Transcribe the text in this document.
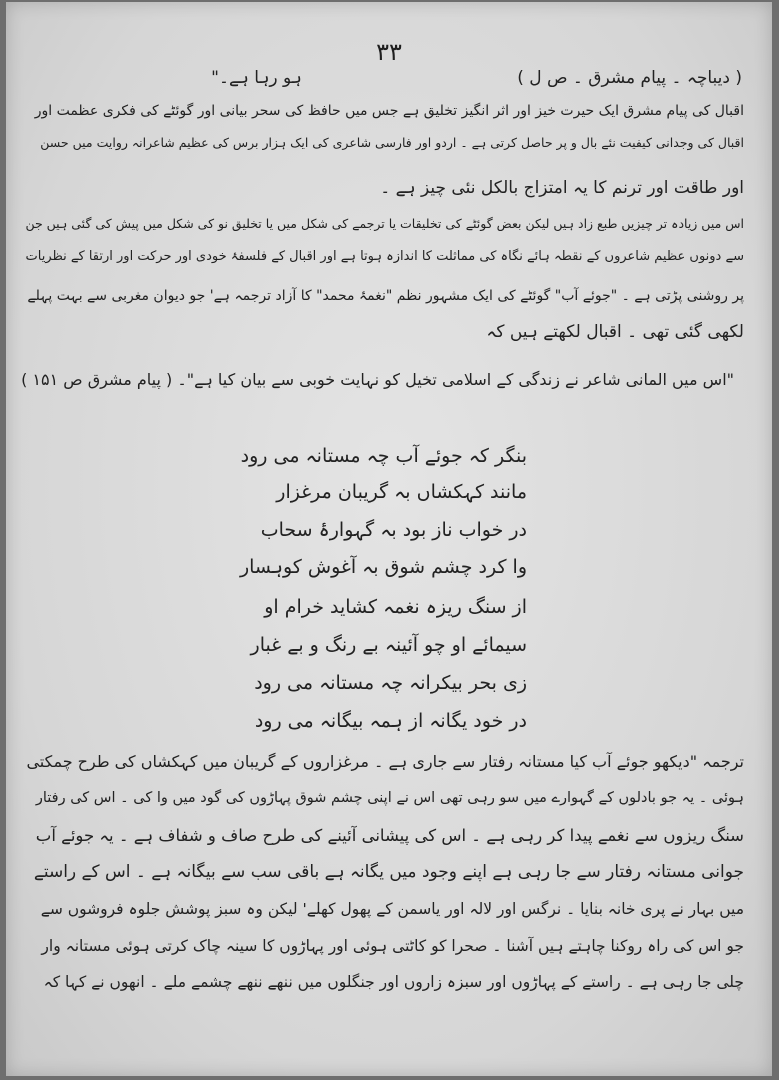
۳۳
( دیباچہ ۔ پیام مشرق ۔ ص ل ) ہو رہا ہے۔"
اقبال کی پیام مشرق ایک حیرت خیز اور اثر انگیز تخلیق ہے جس میں حافظ کی سحر بیانی اور گوئٹے کی فکری عظمت اور
اقبال کی وجدانی کیفیت نئے بال و پر حاصل کرتی ہے ۔ اردو اور فارسی شاعری کی ایک ہزار برس کی عظیم شاعرانہ روایت میں حسن
اور طاقت اور ترنم کا یہ امتزاج بالکل نئی چیز ہے ۔
اس میں زیادہ تر چیزیں طبع زاد ہیں لیکن بعض گوئٹے کی تخلیقات یا ترجمے کی شکل میں یا تخلیق نو کی شکل میں پیش کی گئی ہیں جن
سے دونوں عظیم شاعروں کے نقطہ ہائے نگاہ کی مماثلت کا اندازہ ہوتا ہے اور اقبال کے فلسفۂ خودی اور حرکت اور ارتقا کے نظریات
پر روشنی پڑتی ہے ۔ "جوئے آب" گوئٹے کی ایک مشہور نظم "نغمۂ محمد" کا آزاد ترجمہ ہے' جو دیوان مغربی سے بہت پہلے
لکھی گئی تھی ۔ اقبال لکھتے ہیں کہ
"اس میں المانی شاعر نے زندگی کے اسلامی تخیل کو نہایت خوبی سے بیان کیا ہے"۔ ( پیام مشرق ص ۱۵۱ )
بنگر کہ جوئے آب چہ مستانہ می رود
مانند کہکشاں بہ گریبان مرغزار
در خواب ناز بود بہ گہوارۂ سحاب
وا کرد چشم شوق بہ آغوش کوہسار
از سنگ ریزہ نغمہ کشاید خرام او
سیمائے او چو آئینہ بے رنگ و بے غبار
زی بحر بیکرانہ چہ مستانہ می رود
در خود یگانہ از ہمہ بیگانہ می رود
ترجمہ "دیکھو جوئے آب کیا مستانہ رفتار سے جاری ہے ۔ مرغزاروں کے گریبان میں کہکشاں کی طرح چمکتی
ہوئی ۔ یہ جو بادلوں کے گہوارے میں سو رہی تھی اس نے اپنی چشم شوق پہاڑوں کی گود میں وا کی ۔ اس کی رفتار
سنگ ریزوں سے نغمے پیدا کر رہی ہے ۔ اس کی پیشانی آئینے کی طرح صاف و شفاف ہے ۔ یہ جوئے آب
جوانی مستانہ رفتار سے جا رہی ہے اپنے وجود میں یگانہ ہے باقی سب سے بیگانہ ہے ۔ اس کے راستے
میں بہار نے پری خانہ بنایا ۔ نرگس اور لالہ اور یاسمن کے پھول کھلے' لیکن وہ سبز پوشش جلوہ فروشوں سے
جو اس کی راہ روکنا چاہتے ہیں آشنا ۔ صحرا کو کاٹتی ہوئی اور پہاڑوں کا سینہ چاک کرتی ہوئی مستانہ وار
چلی جا رہی ہے ۔ راستے کے پہاڑوں اور سبزہ زاروں اور جنگلوں میں ننھے ننھے چشمے ملے ۔ انھوں نے کہا کہ
